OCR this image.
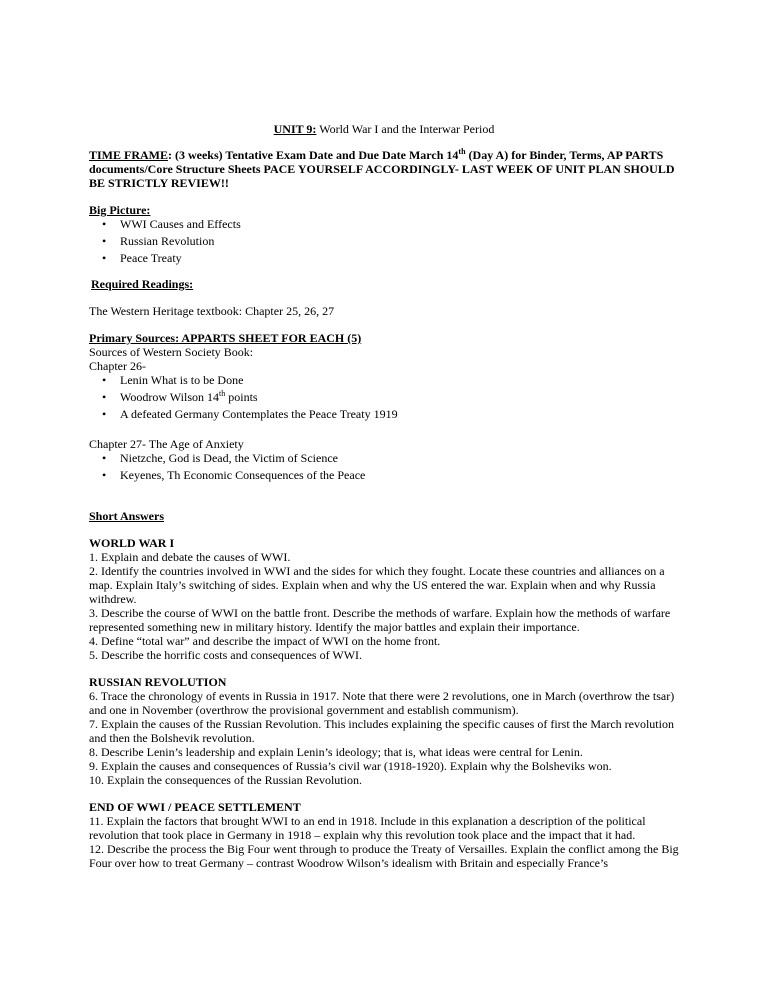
UNIT 9: World War I and the Interwar Period

TIME FRAME: (3 weeks) Tentative Exam Date and Due Date March 14th (Day A) for Binder, Terms, AP PARTS documents/Core Structure Sheets PACE YOURSELF ACCORDINGLY- LAST WEEK OF UNIT PLAN SHOULD BE STRICTLY REVIEW!!

Big Picture:

• WWI Causes and Effects
• Russian Revolution
• Peace Treaty

Required Readings:

The Western Heritage textbook: Chapter 25, 26, 27

Primary Sources: APPARTS SHEET FOR EACH (5)

Sources of Western Society Book:

Chapter 26-

• Lenin What is to be Done
• Woodrow Wilson 14th points
• A defeated Germany Contemplates the Peace Treaty 1919

Chapter 27- The Age of Anxiety

• Nietzche, God is Dead, the Victim of Science
• Keyenes, Th Economic Consequences of the Peace

Short Answers

WORLD WAR I

1. Explain and debate the causes of WWI.

2. Identify the countries involved in WWI and the sides for which they fought. Locate these countries and alliances on a map. Explain Italy’s switching of sides. Explain when and why the US entered the war. Explain when and why Russia withdrew.

3. Describe the course of WWI on the battle front. Describe the methods of warfare. Explain how the methods of warfare represented something new in military history. Identify the major battles and explain their importance.

4. Define “total war” and describe the impact of WWI on the home front.

5. Describe the horrific costs and consequences of WWI.

RUSSIAN REVOLUTION

6. Trace the chronology of events in Russia in 1917. Note that there were 2 revolutions, one in March (overthrow the tsar) and one in November (overthrow the provisional government and establish communism).

7. Explain the causes of the Russian Revolution. This includes explaining the specific causes of first the March revolution and then the Bolshevik revolution.

8. Describe Lenin’s leadership and explain Lenin’s ideology; that is, what ideas were central for Lenin.

9. Explain the causes and consequences of Russia’s civil war (1918-1920). Explain why the Bolsheviks won.

10. Explain the consequences of the Russian Revolution.

END OF WWI / PEACE SETTLEMENT

11. Explain the factors that brought WWI to an end in 1918. Include in this explanation a description of the political revolution that took place in Germany in 1918 – explain why this revolution took place and the impact that it had.

12. Describe the process the Big Four went through to produce the Treaty of Versailles. Explain the conflict among the Big Four over how to treat Germany – contrast Woodrow Wilson’s idealism with Britain and especially France’s
